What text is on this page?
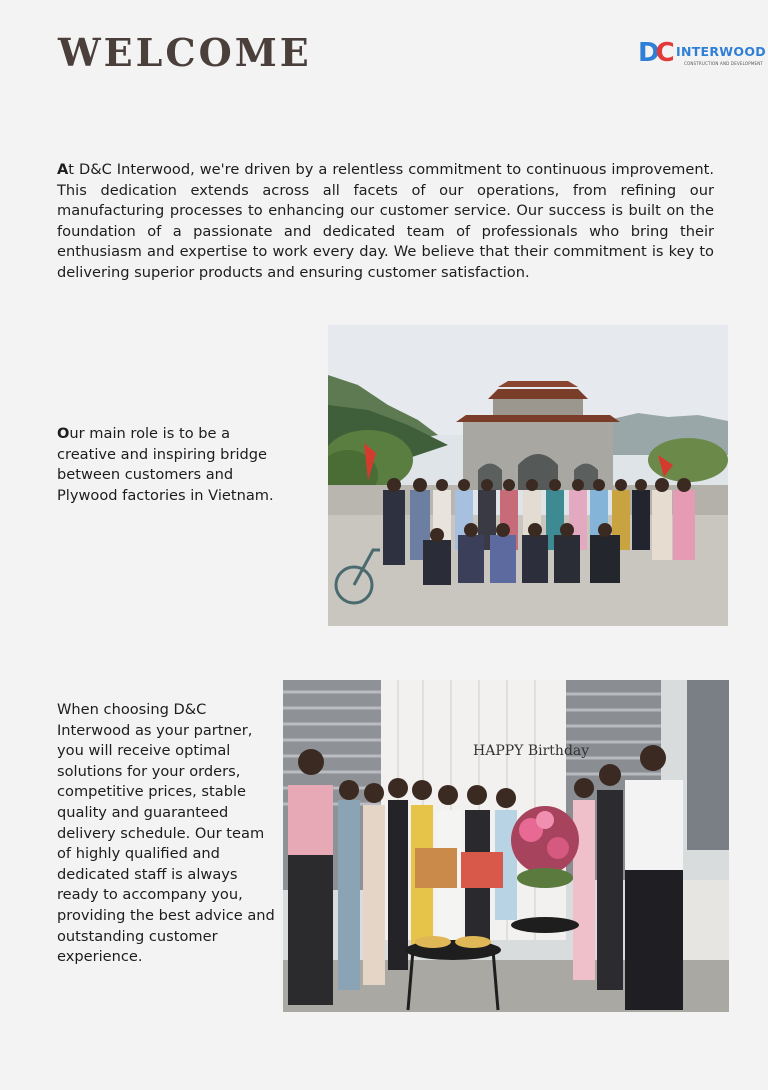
WELCOME	DC INTERWOOD
CONSTRUCTION AND DEVELOPMENT

At D&C Interwood, we're driven by a relentless commitment to continuous improvement. This dedication extends across all facets of our operations, from refining our manufacturing processes to enhancing our customer service. Our success is built on the foundation of a passionate and dedicated team of professionals who bring their enthusiasm and expertise to work every day. We believe that their commitment is key to delivering superior products and ensuring customer satisfaction.

Our main role is to be a creative and inspiring bridge between customers and Plywood factories in Vietnam.

When choosing D&C Interwood as your partner, you will receive optimal solutions for your orders, competitive prices, stable quality and guaranteed delivery schedule. Our team of highly qualified and dedicated staff is always ready to accompany you, providing the best advice and outstanding customer experience.

HAPPY Birthday
